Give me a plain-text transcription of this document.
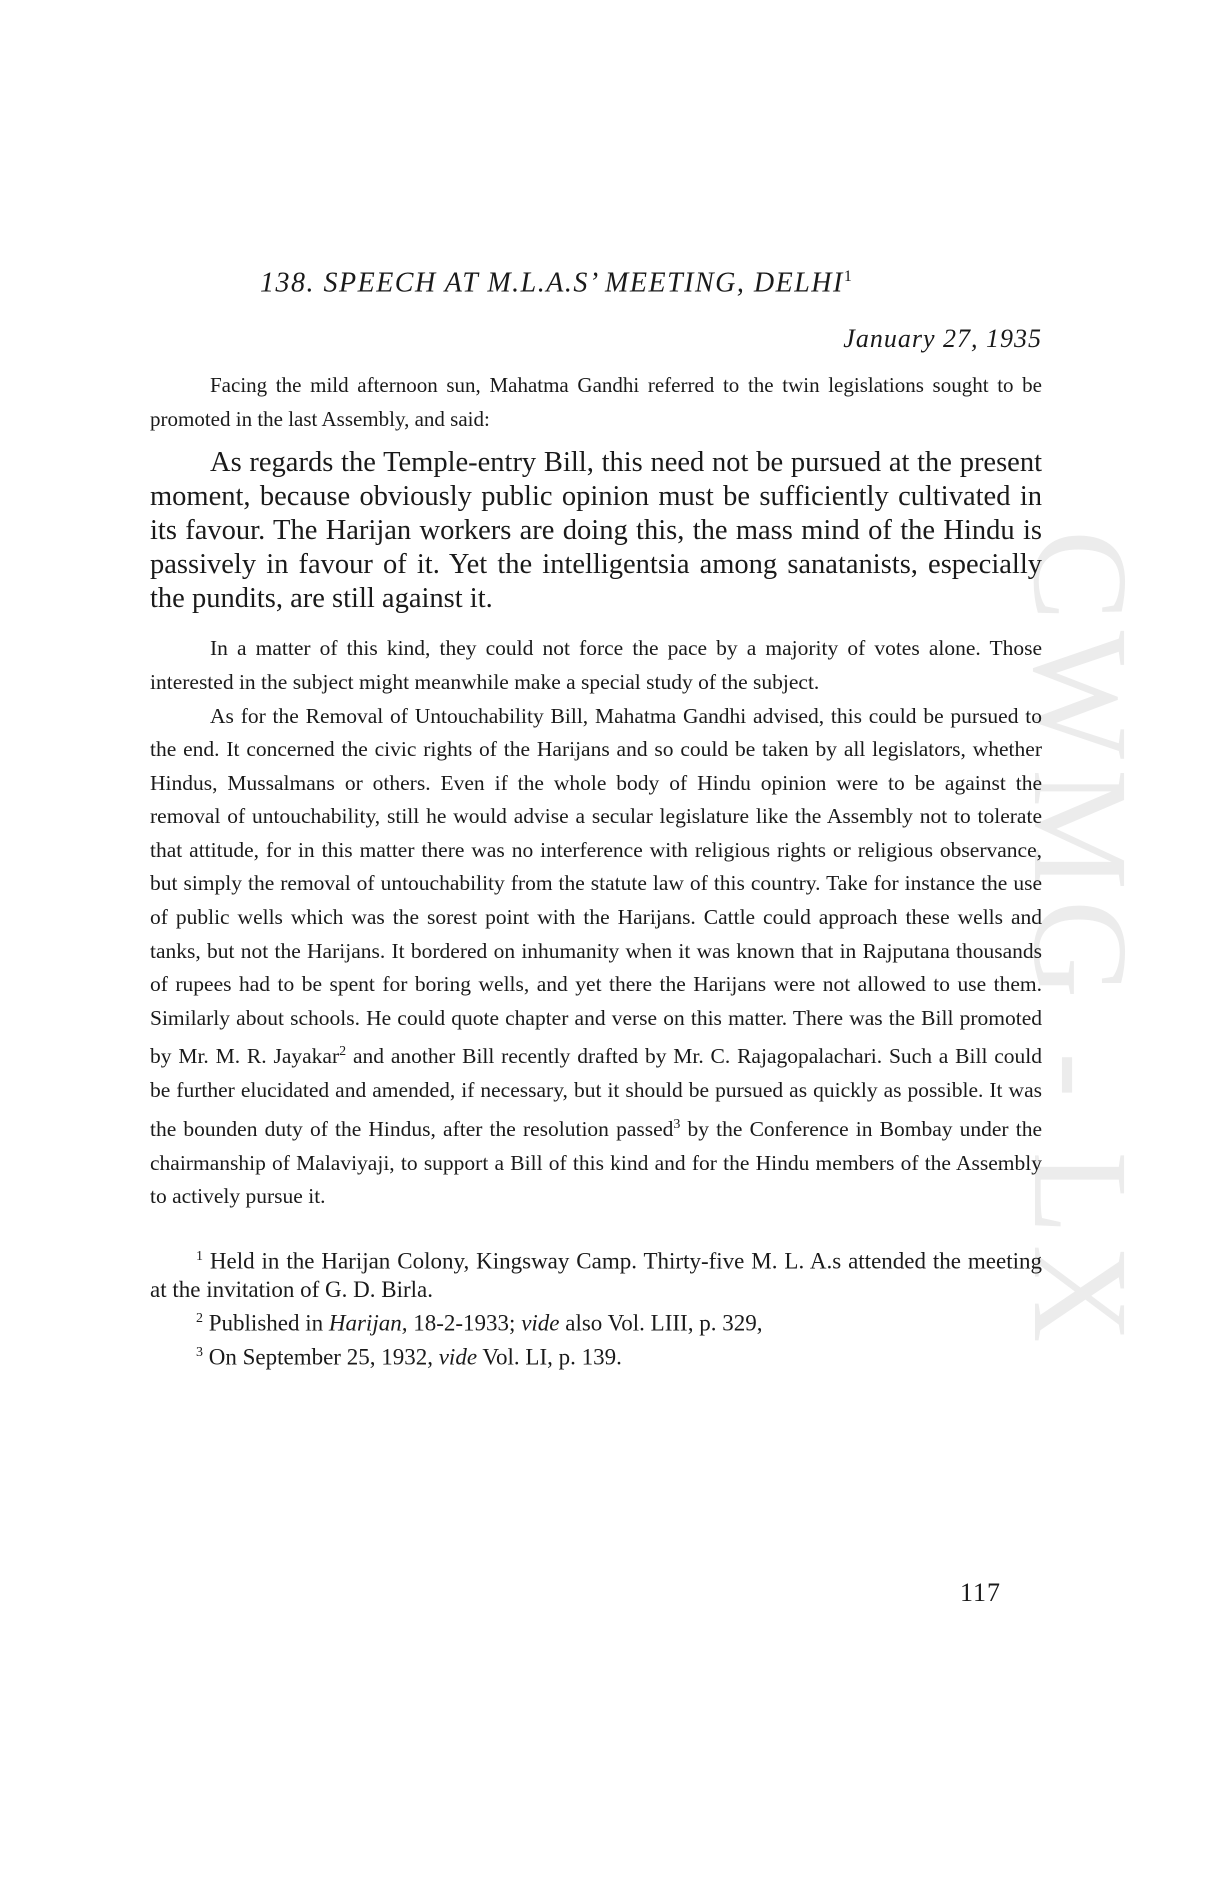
CWMG - LX
138. SPEECH AT M.L.A.S’ MEETING, DELHI$^1$
January 27, 1935

Facing the mild afternoon sun, Mahatma Gandhi referred to the twin legislations sought to be promoted in the last Assembly, and said:

As regards the Temple-entry Bill, this need not be pursued at the present moment, because obviously public opinion must be sufficiently cultivated in its favour. The Harijan workers are doing this, the mass mind of the Hindu is passively in favour of it. Yet the intelligentsia among sanatanists, especially the pundits, are still against it.

In a matter of this kind, they could not force the pace by a majority of votes alone. Those interested in the subject might meanwhile make a special study of the subject.

As for the Removal of Untouchability Bill, Mahatma Gandhi advised, this could be pursued to the end. It concerned the civic rights of the Harijans and so could be taken by all legislators, whether Hindus, Mussalmans or others. Even if the whole body of Hindu opinion were to be against the removal of untouchability, still he would advise a secular legislature like the Assembly not to tolerate that attitude, for in this matter there was no interference with religious rights or religious observance, but simply the removal of untouchability from the statute law of this country. Take for instance the use of public wells which was the sorest point with the Harijans. Cattle could approach these wells and tanks, but not the Harijans. It bordered on inhumanity when it was known that in Rajputana thousands of rupees had to be spent for boring wells, and yet there the Harijans were not allowed to use them. Similarly about schools. He could quote chapter and verse on this matter. There was the Bill promoted by Mr. M. R. Jayakar$^2$ and another Bill recently drafted by Mr. C. Rajagopalachari. Such a Bill could be further elucidated and amended, if necessary, but it should be pursued as quickly as possible. It was the bounden duty of the Hindus, after the resolution passed$^3$ by the Conference in Bombay under the chairmanship of Malaviyaji, to support a Bill of this kind and for the Hindu members of the Assembly to actively pursue it.

$^1$ Held in the Harijan Colony, Kingsway Camp. Thirty-five M. L. A.s attended the meeting at the invitation of G. D. Birla.

$^2$ Published in Harijan, 18-2-1933; vide also Vol. LIII, p. 329,

$^3$ On September 25, 1932, vide Vol. LI, p. 139.

117
